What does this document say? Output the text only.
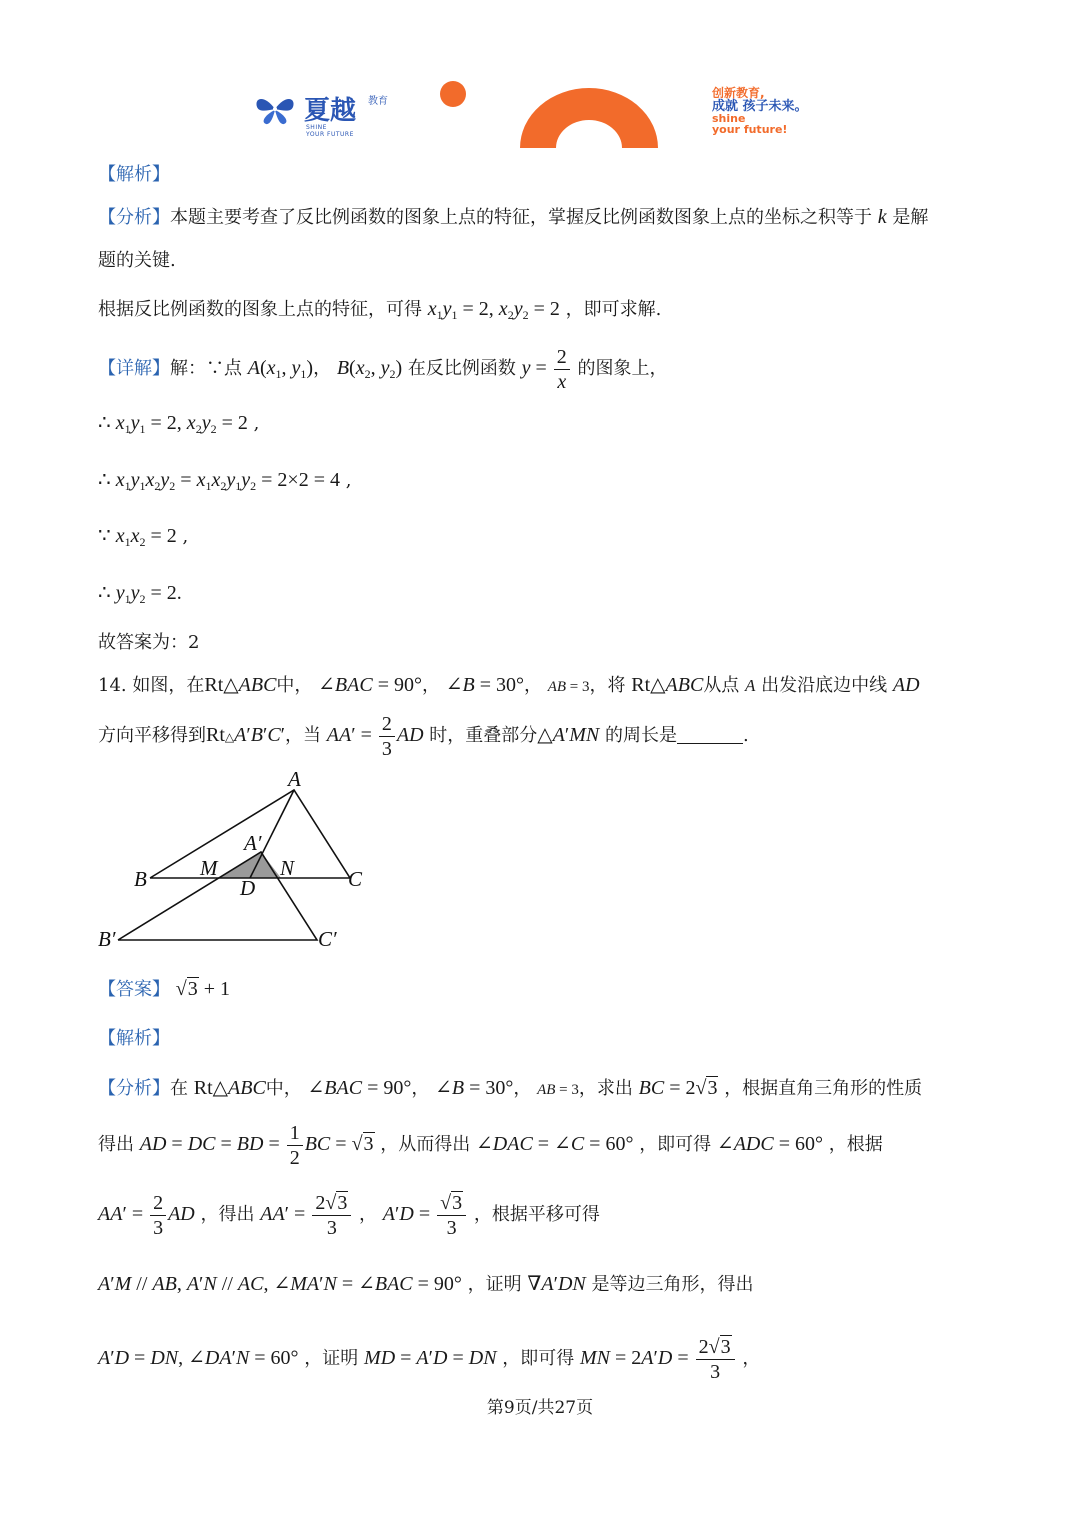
夏越 教育
SHINE
YOUR FUTURE
创新教育,
成就 孩子未来。
shine
your future!
【解析】
【分析】本题主要考查了反比例函数的图象上点的特征，掌握反比例函数图象上点的坐标之积等于 k 是解
题的关键.
根据反比例函数的图象上点的特征，可得 $x_1y_1 = 2$, $x_2y_2 = 2$ ，即可求解.
【详解】解：∵点 $A(x_1$, $y_1$)， $B(x_2$, $y_2$) 在反比例函数 $y = \frac{2}{x}$ 的图象上，
∴ $x_1y_1 = 2$, $x_2y_2 = 2$ ,
∴ $x_1y_1x_2y_2 = x_1x_2y_1y_2 = 2\times 2 = 4$ ,
∵ $x_1x_2 = 2$ ,
∴ $y_1y_2 = 2$.
故答案为：2
14. 如图，在Rt△ABC中， ∠BAC = 90°， ∠B = 30°， AB = 3，将 Rt△ABC从点 A 出发沿底边中线 AD
方向平移得到Rt△A′B′C′，当 $AA' = \frac{2}{3}$ AD 时，重叠部分△A′MN 的周长是	.
A
A′
B	M
D
N	C
B′	C′
【答案】 √3 + 1
【解析】
【分析】在 Rt△ABC中， ∠BAC = 90°， ∠B = 30°， AB = 3，求出 BC = 2√3 ，根据直角三角形的性质
得出 AD = DC = BD = $\frac{1}{2}$ BC = √3 ，从而得出 ∠DAC = ∠C = 60° ，即可得 ∠ADC = 60° ，根据
$AA' = \frac{2}{3}$ AD ，得出 $AA' = \frac{2√3}{3}$ ， $A'D = \frac{√3}{3}$ ，根据平移可得
A′M // AB, A′N // AC, ∠MA′N = ∠BAC = 90° ，证明 ∇A′DN 是等边三角形，得出
A′D = DN, ∠DA′N = 60° ，证明 MD = A′D = DN ，即可得 MN = $2A'D = \frac{2√3}{3}$ ，
第9页/共27页
